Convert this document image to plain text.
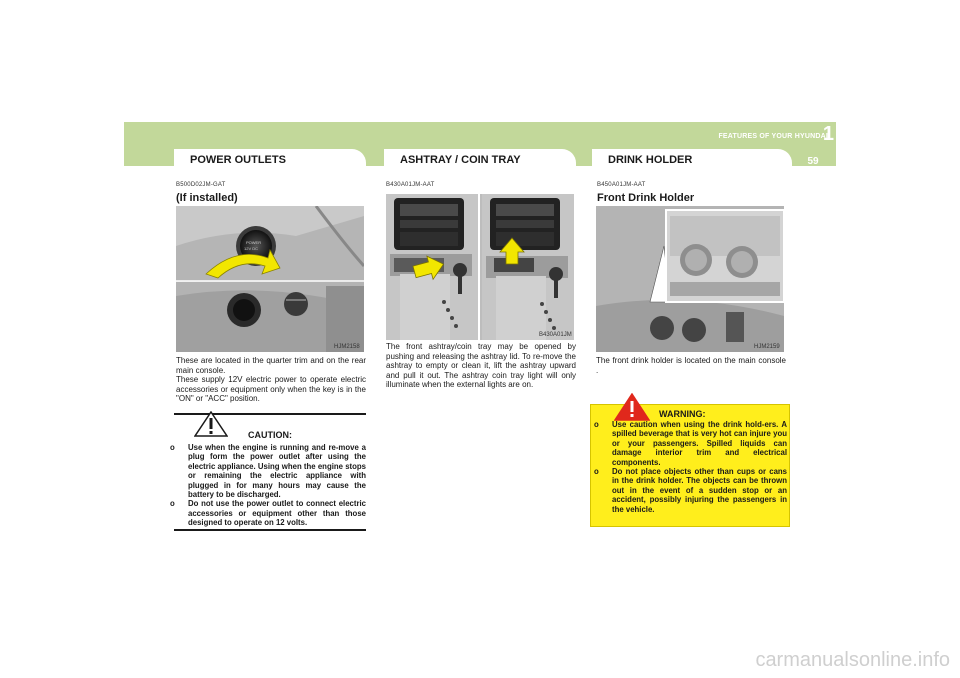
FEATURES OF YOUR HYUNDAI
1
59
POWER OUTLETS	ASHTRAY / COIN TRAY	DRINK HOLDER
B500D02JM-GAT
(If installed)
POWER
12V DC
HJM2158

These are located in the quarter trim and on the rear main console.

These supply 12V electric power to operate electric accessories or equipment only when the key is in the "ON" or "ACC" position.

CAUTION:
o Use when the engine is running and re-move a plug form the power outlet after using the electric appliance. Using when the engine stops or remaining the electric appliance with plugged in for many hours may cause the battery to be discharged.
o Do not use the power outlet to connect electric accessories or equipment other than those designed to operate on 12 volts.
B430A01JM-AAT
B430A01JM

The front ashtray/coin tray may be opened by pushing and releasing the ashtray lid. To re-move the ashtray to empty or clean it, lift the ashtray upward and pull it out. The ashtray coin tray light will only illuminate when the external lights are on.

B450A01JM-AAT
Front Drink Holder
HJM2159

The front drink holder is located on the main console .

WARNING:
o Use caution when using the drink hold-ers. A spilled beverage that is very hot can injure you or your passengers. Spilled liquids can damage interior trim and electrical components.
o Do not place objects other than cups or cans in the drink holder. The objects can be thrown out in the event of a sudden stop or an accident, possibly injuring the passengers in the vehicle.
carmanualsonline.info
